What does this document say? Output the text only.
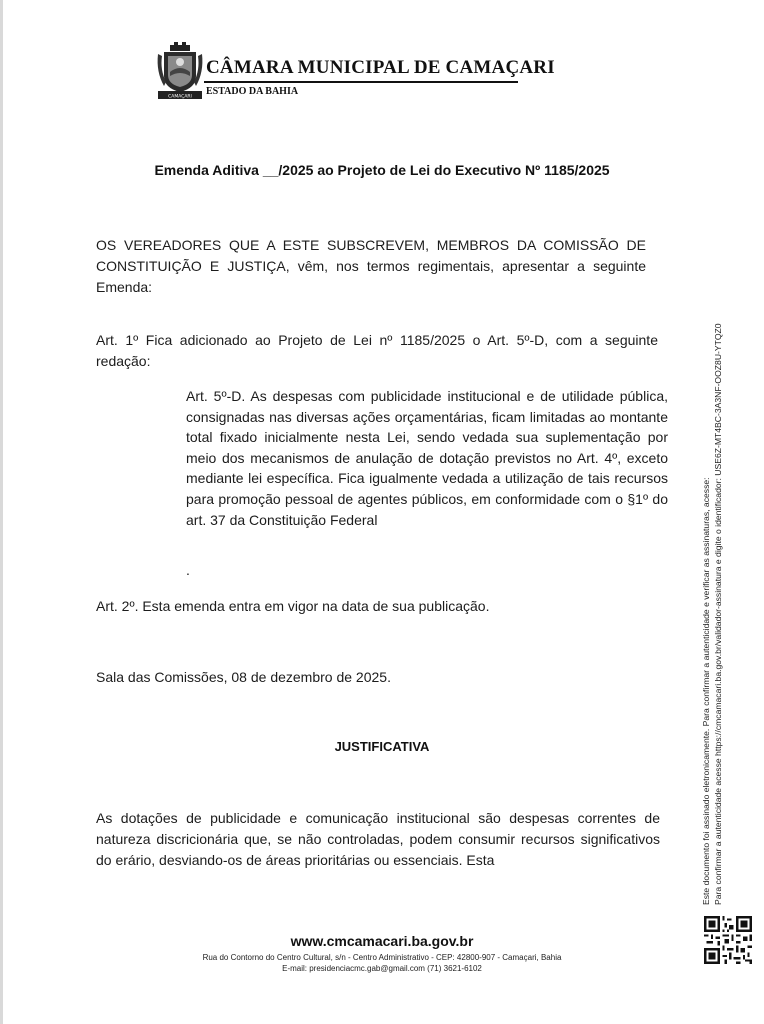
CAMAÇARI
CÂMARA MUNICIPAL DE CAMAÇARI
ESTADO DA BAHIA
Emenda Aditiva __/2025 ao Projeto de Lei do Executivo Nº 1185/2025
OS VEREADORES QUE A ESTE SUBSCREVEM, MEMBROS DA COMISSÃO DE CONSTITUIÇÃO E JUSTIÇA, vêm, nos termos regimentais, apresentar a seguinte Emenda:
Art. 1º Fica adicionado ao Projeto de Lei nº 1185/2025 o Art. 5º-D, com a seguinte redação:
Art. 5º-D. As despesas com publicidade institucional e de utilidade pública, consignadas nas diversas ações orçamentárias, ficam limitadas ao montante total fixado inicialmente nesta Lei, sendo vedada sua suplementação por meio dos mecanismos de anulação de dotação previstos no Art. 4º, exceto mediante lei específica. Fica igualmente vedada a utilização de tais recursos para promoção pessoal de agentes públicos, em conformidade com o §1º do art. 37 da Constituição Federal
.
Art. 2º. Esta emenda entra em vigor na data de sua publicação.
Sala das Comissões, 08 de dezembro de 2025.
JUSTIFICATIVA
As dotações de publicidade e comunicação institucional são despesas correntes de natureza discricionária que, se não controladas, podem consumir recursos significativos do erário, desviando-os de áreas prioritárias ou essenciais. Esta	Este documento foi assinado eletronicamente. Para confirmar a autenticidade e verificar as assinaturas, acesse: Para confirmar a autenticidade acesse https://cmcamacari.ba.gov.br/validador-assinatura e digite o identificador: USE6Z-MT4BC-3A3NF-OOZ8U-YTQZ0
www.cmcamacari.ba.gov.br
Rua do Contorno do Centro Cultural, s/n - Centro Administrativo - CEP: 42800-907 - Camaçari, Bahia
E-mail: presidenciacmc.gab@gmail.com (71) 3621-6102
